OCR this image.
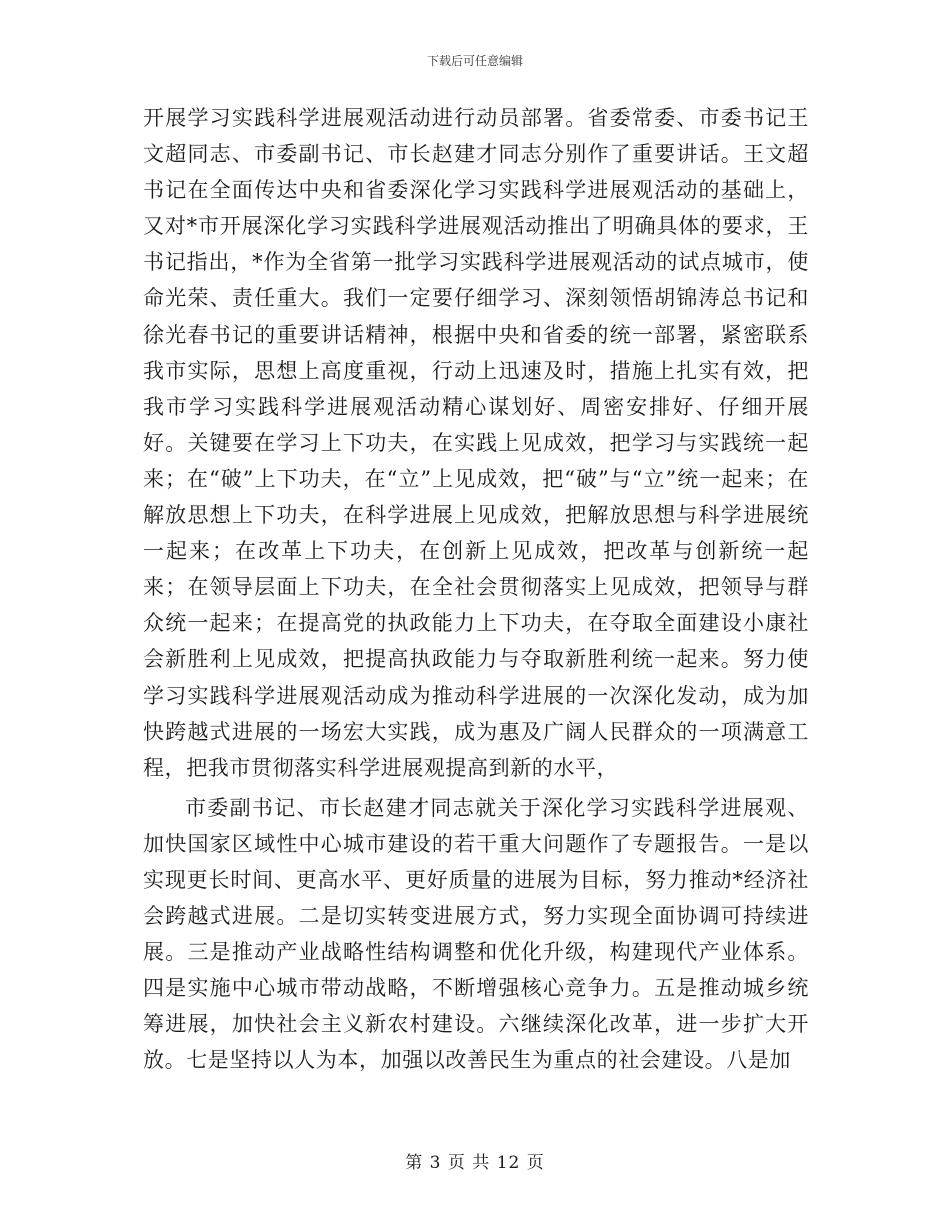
下载后可任意编辑

开展学习实践科学进展观活动进行动员部署。省委常委、市委书记王文超同志、市委副书记、市长赵建才同志分别作了重要讲话。王文超书记在全面传达中央和省委深化学习实践科学进展观活动的基础上，又对*市开展深化学习实践科学进展观活动推出了明确具体的要求，王书记指出，*作为全省第一批学习实践科学进展观活动的试点城市，使命光荣、责任重大。我们一定要仔细学习、深刻领悟胡锦涛总书记和徐光春书记的重要讲话精神，根据中央和省委的统一部署，紧密联系我市实际，思想上高度重视，行动上迅速及时，措施上扎实有效，把我市学习实践科学进展观活动精心谋划好、周密安排好、仔细开展好。关键要在学习上下功夫，在实践上见成效，把学习与实践统一起来；在“破”上下功夫，在“立”上见成效，把“破”与“立”统一起来；在解放思想上下功夫，在科学进展上见成效，把解放思想与科学进展统一起来；在改革上下功夫，在创新上见成效，把改革与创新统一起来；在领导层面上下功夫，在全社会贯彻落实上见成效，把领导与群众统一起来；在提高党的执政能力上下功夫，在夺取全面建设小康社会新胜利上见成效，把提高执政能力与夺取新胜利统一起来。努力使学习实践科学进展观活动成为推动科学进展的一次深化发动，成为加快跨越式进展的一场宏大实践，成为惠及广阔人民群众的一项满意工程，把我市贯彻落实科学进展观提高到新的水平，

市委副书记、市长赵建才同志就关于深化学习实践科学进展观、加快国家区域性中心城市建设的若干重大问题作了专题报告。一是以实现更长时间、更高水平、更好质量的进展为目标，努力推动*经济社会跨越式进展。二是切实转变进展方式，努力实现全面协调可持续进展。三是推动产业战略性结构调整和优化升级，构建现代产业体系。四是实施中心城市带动战略，不断增强核心竞争力。五是推动城乡统筹进展，加快社会主义新农村建设。六继续深化改革，进一步扩大开放。七是坚持以人为本，加强以改善民生为重点的社会建设。八是加

第 3 页 共 12 页
